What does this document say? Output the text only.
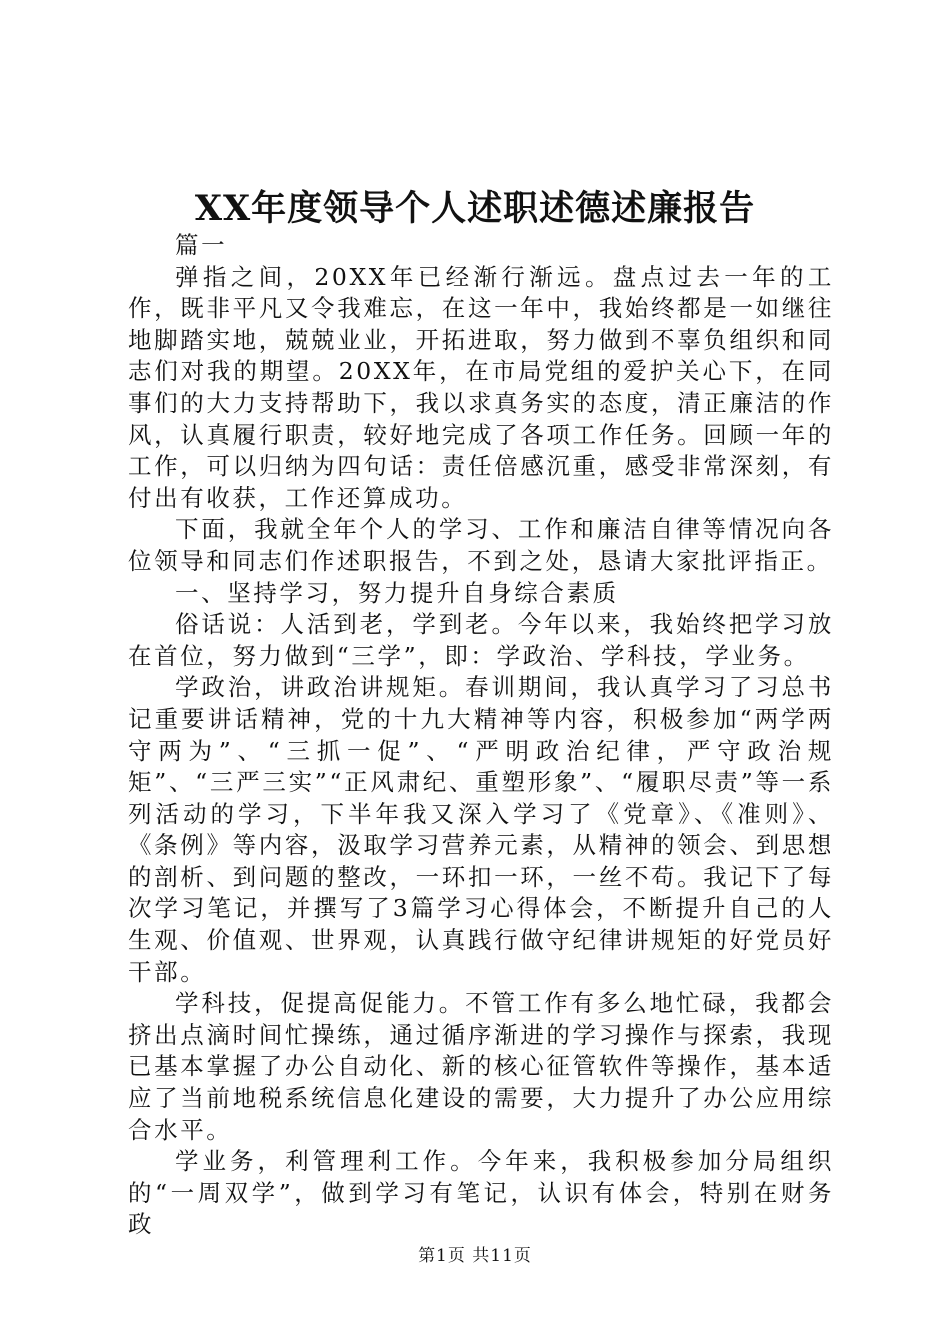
XX年度领导个人述职述德述廉报告

篇一

弹指之间，20XX年已经渐行渐远。盘点过去一年的工作，既非平凡又令我难忘，在这一年中，我始终都是一如继往地脚踏实地，兢兢业业，开拓进取，努力做到不辜负组织和同志们对我的期望。20XX年，在市局党组的爱护关心下，在同事们的大力支持帮助下，我以求真务实的态度，清正廉洁的作风，认真履行职责，较好地完成了各项工作任务。回顾一年的工作，可以归纳为四句话：责任倍感沉重，感受非常深刻，有付出有收获，工作还算成功。

下面，我就全年个人的学习、工作和廉洁自律等情况向各位领导和同志们作述职报告，不到之处，恳请大家批评指正。

一、坚持学习，努力提升自身综合素质

俗话说：人活到老，学到老。今年以来，我始终把学习放在首位，努力做到“三学”，即：学政治、学科技，学业务。

学政治，讲政治讲规矩。春训期间，我认真学习了习总书记重要讲话精神，党的十九大精神等内容，积极参加“两学两守两为”、“三抓一促”、“严明政治纪律，严守政治规矩”、“三严三实”“正风肃纪、重塑形象”、“履职尽责”等一系列活动的学习，下半年我又深入学习了《党章》、《准则》、《条例》等内容，汲取学习营养元素，从精神的领会、到思想的剖析、到问题的整改，一环扣一环，一丝不苟。我记下了每次学习笔记，并撰写了3篇学习心得体会，不断提升自己的人生观、价值观、世界观，认真践行做守纪律讲规矩的好党员好干部。

学科技，促提高促能力。不管工作有多么地忙碌，我都会挤出点滴时间忙操练，通过循序渐进的学习操作与探索，我现已基本掌握了办公自动化、新的核心征管软件等操作，基本适应了当前地税系统信息化建设的需要，大力提升了办公应用综合水平。

学业务，利管理利工作。今年来，我积极参加分局组织的“一周双学”，做到学习有笔记，认识有体会，特别在财务政

第1页 共11页
